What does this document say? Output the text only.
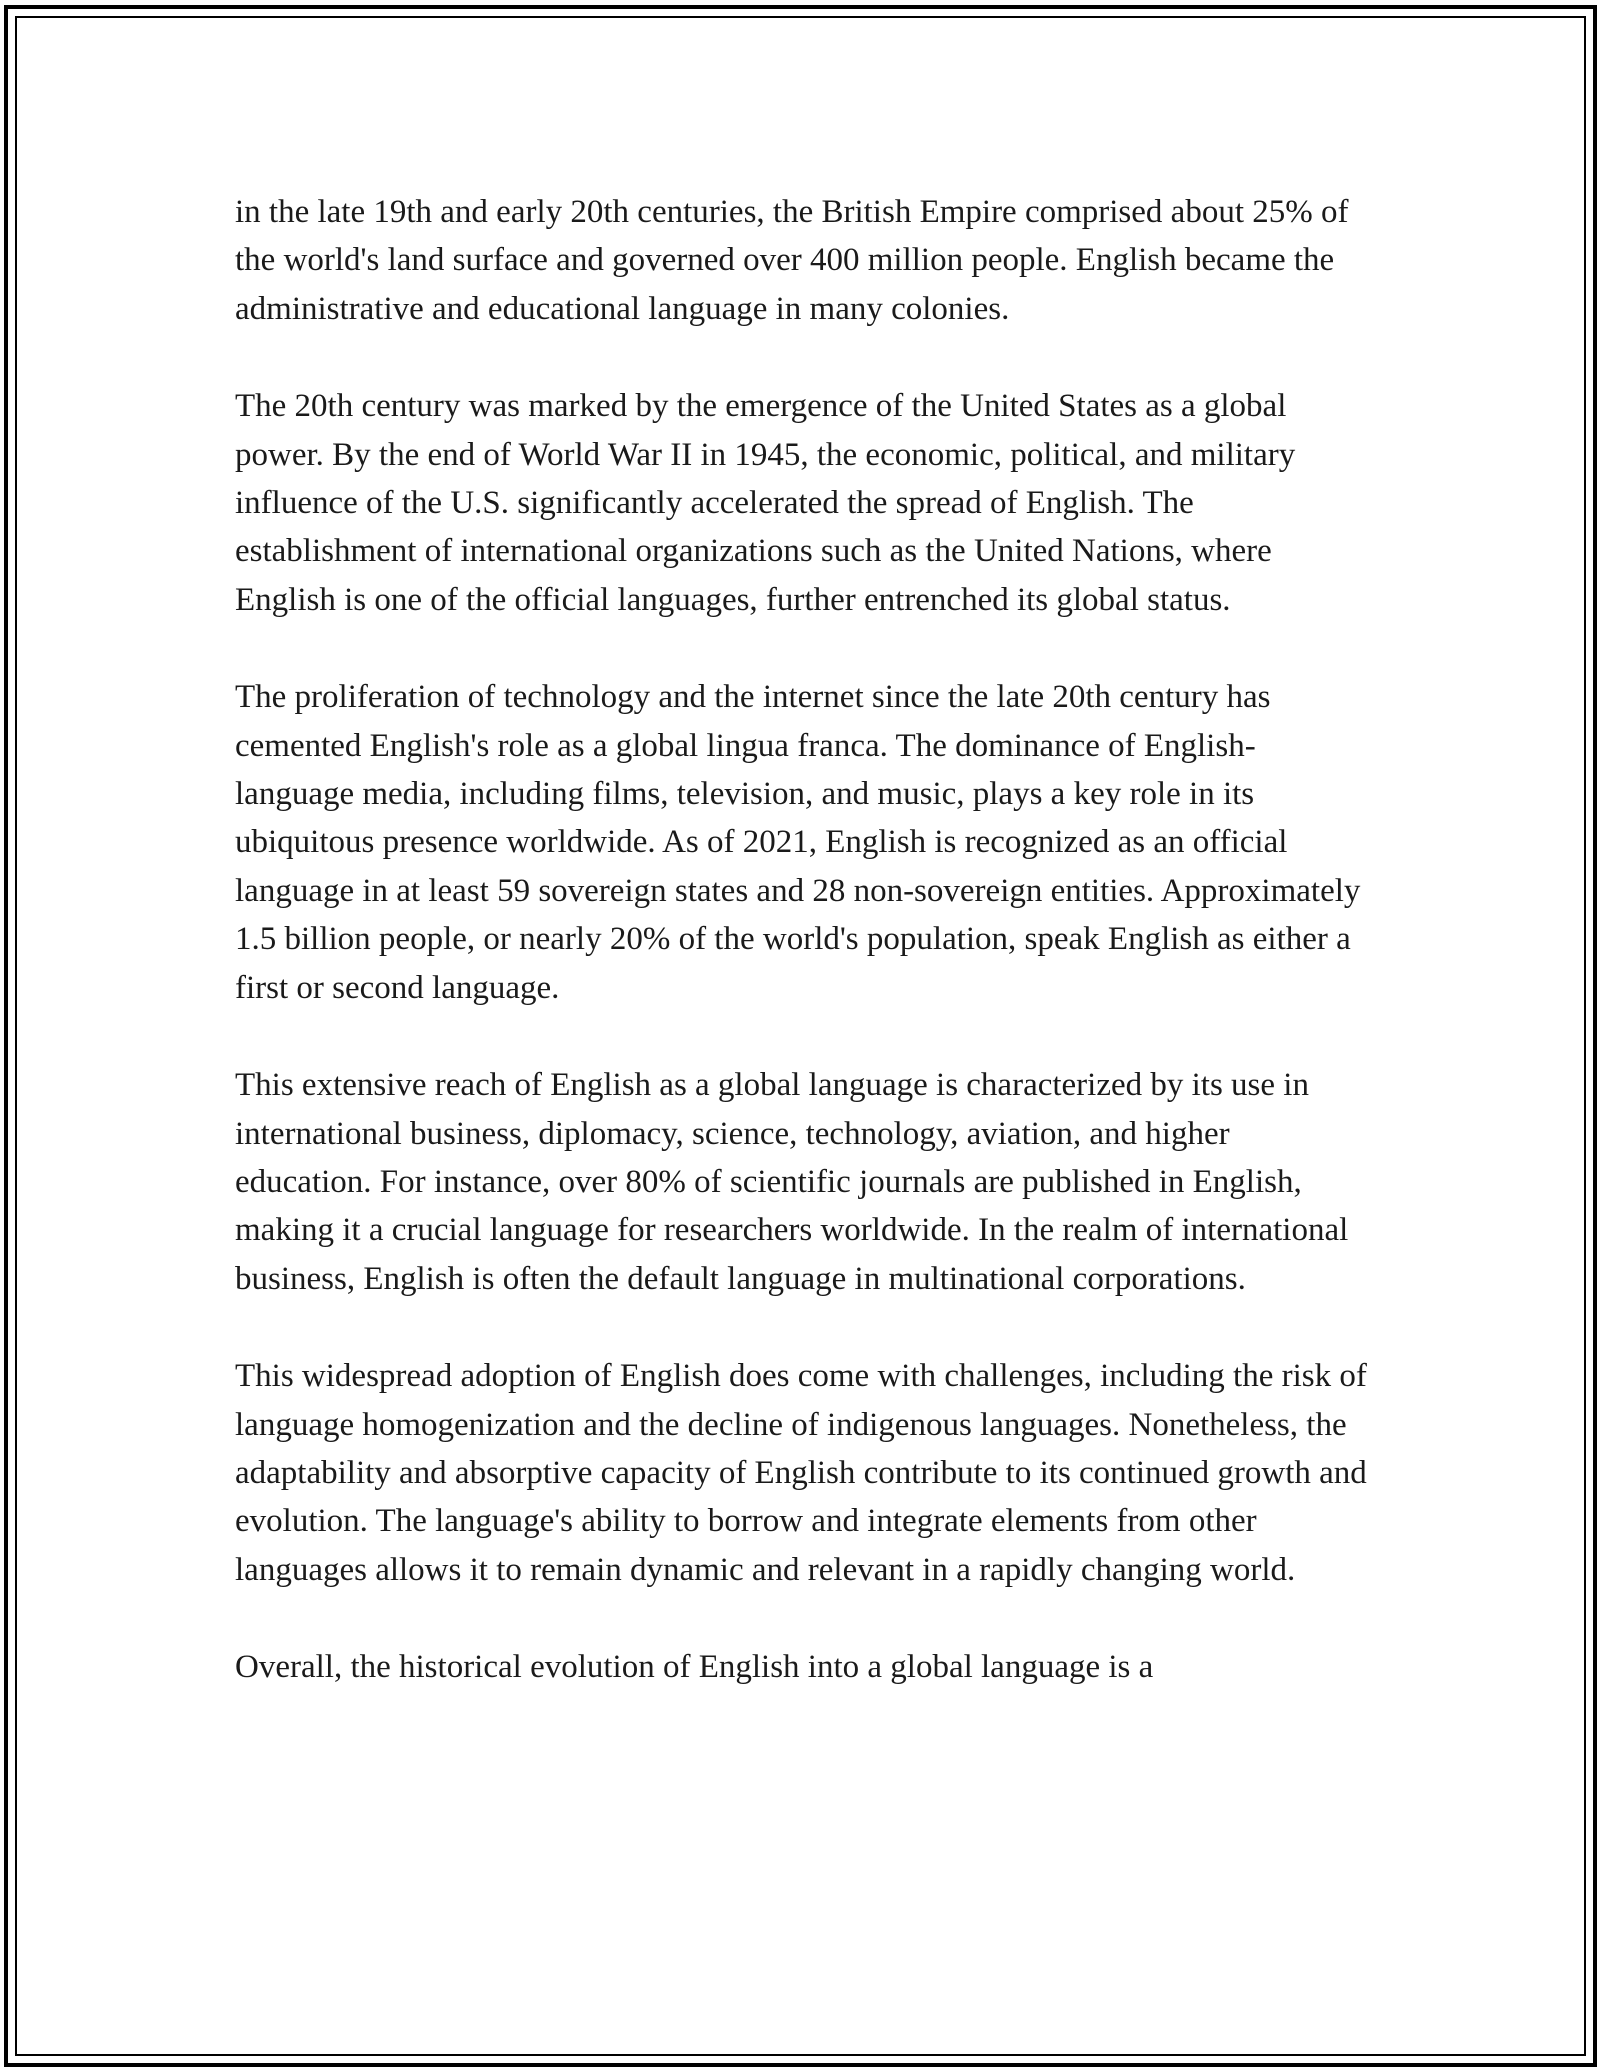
in the late 19th and early 20th centuries, the British Empire comprised about 25% of the world's land surface and governed over 400 million people. English became the administrative and educational language in many colonies.

The 20th century was marked by the emergence of the United States as a global power. By the end of World War II in 1945, the economic, political, and military influence of the U.S. significantly accelerated the spread of English. The establishment of international organizations such as the United Nations, where English is one of the official languages, further entrenched its global status.

The proliferation of technology and the internet since the late 20th century has cemented English's role as a global lingua franca. The dominance of English-language media, including films, television, and music, plays a key role in its ubiquitous presence worldwide. As of 2021, English is recognized as an official language in at least 59 sovereign states and 28 non-sovereign entities. Approximately 1.5 billion people, or nearly 20% of the world's population, speak English as either a first or second language.

This extensive reach of English as a global language is characterized by its use in international business, diplomacy, science, technology, aviation, and higher education. For instance, over 80% of scientific journals are published in English, making it a crucial language for researchers worldwide. In the realm of international business, English is often the default language in multinational corporations.

This widespread adoption of English does come with challenges, including the risk of language homogenization and the decline of indigenous languages. Nonetheless, the adaptability and absorptive capacity of English contribute to its continued growth and evolution. The language's ability to borrow and integrate elements from other languages allows it to remain dynamic and relevant in a rapidly changing world.

Overall, the historical evolution of English into a global language is a
